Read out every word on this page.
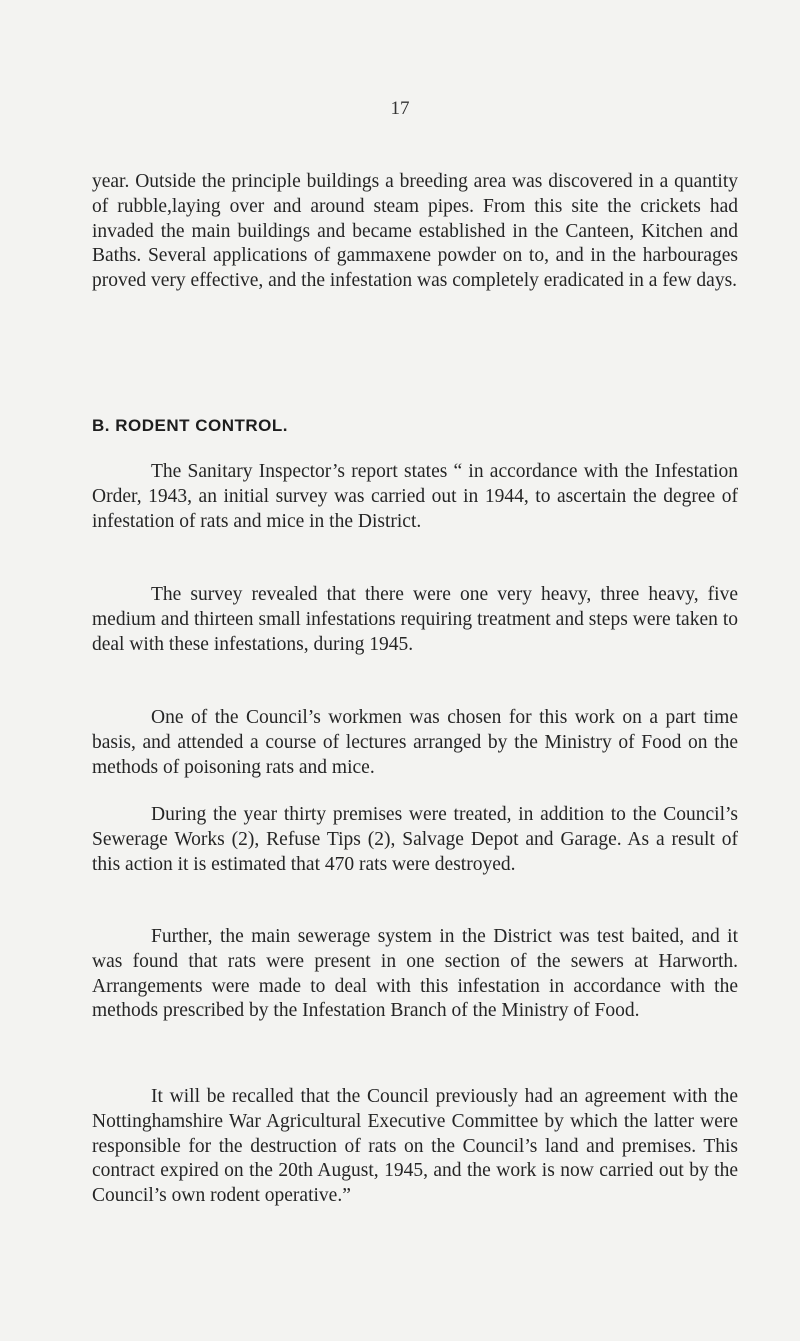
17
year. Outside the principle buildings a breeding area was discovered in a quantity of rubble,laying over and around steam pipes. From this site the crickets had invaded the main buildings and became established in the Canteen, Kitchen and Baths. Several applications of gammaxene powder on to, and in the harbourages proved very effective, and the infestation was completely eradicated in a few days.
B. RODENT CONTROL.
The Sanitary Inspector’s report states “ in accordance with the Infestation Order, 1943, an initial survey was carried out in 1944, to ascertain the degree of infestation of rats and mice in the District.
The survey revealed that there were one very heavy, three heavy, five medium and thirteen small infestations requiring treatment and steps were taken to deal with these infestations, during 1945.
One of the Council’s workmen was chosen for this work on a part time basis, and attended a course of lectures arranged by the Ministry of Food on the methods of poisoning rats and mice.
During the year thirty premises were treated, in addition to the Council’s Sewerage Works (2), Refuse Tips (2), Salvage Depot and Garage. As a result of this action it is estimated that 470 rats were destroyed.
Further, the main sewerage system in the District was test baited, and it was found that rats were present in one section of the sewers at Harworth. Arrangements were made to deal with this infestation in accordance with the methods prescribed by the Infestation Branch of the Ministry of Food.
It will be recalled that the Council previously had an agreement with the Nottinghamshire War Agricultural Executive Committee by which the latter were responsible for the destruction of rats on the Council’s land and premises. This contract expired on the 20th August, 1945, and the work is now carried out by the Council’s own rodent operative.”
